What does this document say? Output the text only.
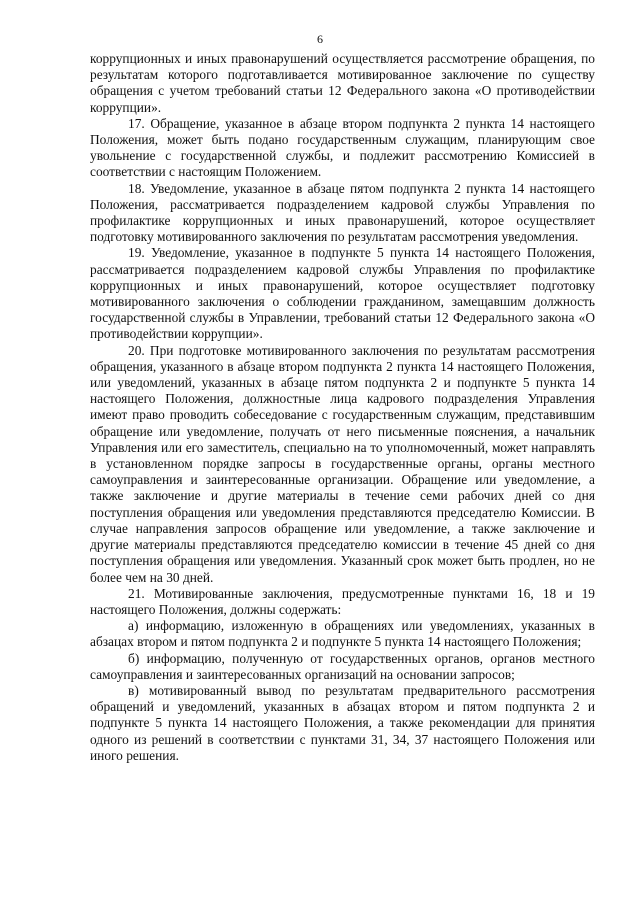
6

коррупционных и иных правонарушений осуществляется рассмотрение обращения, по результатам которого подготавливается мотивированное заключение по существу обращения с учетом требований статьи 12 Федерального закона «О противодействии коррупции».

17. Обращение, указанное в абзаце втором подпункта 2 пункта 14 настоящего Положения, может быть подано государственным служащим, планирующим свое увольнение с государственной службы, и подлежит рассмотрению Комиссией в соответствии с настоящим Положением.

18. Уведомление, указанное в абзаце пятом подпункта 2 пункта 14 настоящего Положения, рассматривается подразделением кадровой службы Управления по профилактике коррупционных и иных правонарушений, которое осуществляет подготовку мотивированного заключения по результатам рассмотрения уведомления.

19. Уведомление, указанное в подпункте 5 пункта 14 настоящего Положения, рассматривается подразделением кадровой службы Управления по профилактике коррупционных и иных правонарушений, которое осуществляет подготовку мотивированного заключения о соблюдении гражданином, замещавшим должность государственной службы в Управлении, требований статьи 12 Федерального закона «О противодействии коррупции».

20. При подготовке мотивированного заключения по результатам рассмотрения обращения, указанного в абзаце втором подпункта 2 пункта 14 настоящего Положения, или уведомлений, указанных в абзаце пятом подпункта 2 и подпункте 5 пункта 14 настоящего Положения, должностные лица кадрового подразделения Управления имеют право проводить собеседование с государственным служащим, представившим обращение или уведомление, получать от него письменные пояснения, а начальник Управления или его заместитель, специально на то уполномоченный, может направлять в установленном порядке запросы в государственные органы, органы местного самоуправления и заинтересованные организации. Обращение или уведомление, а также заключение и другие материалы в течение семи рабочих дней со дня поступления обращения или уведомления представляются председателю Комиссии. В случае направления запросов обращение или уведомление, а также заключение и другие материалы представляются председателю комиссии в течение 45 дней со дня поступления обращения или уведомления. Указанный срок может быть продлен, но не более чем на 30 дней.

21. Мотивированные заключения, предусмотренные пунктами 16, 18 и 19 настоящего Положения, должны содержать:

а) информацию, изложенную в обращениях или уведомлениях, указанных в абзацах втором и пятом подпункта 2 и подпункте 5 пункта 14 настоящего Положения;

б) информацию, полученную от государственных органов, органов местного самоуправления и заинтересованных организаций на основании запросов;

в) мотивированный вывод по результатам предварительного рассмотрения обращений и уведомлений, указанных в абзацах втором и пятом подпункта 2 и подпункте 5 пункта 14 настоящего Положения, а также рекомендации для принятия одного из решений в соответствии с пунктами 31, 34, 37 настоящего Положения или иного решения.
